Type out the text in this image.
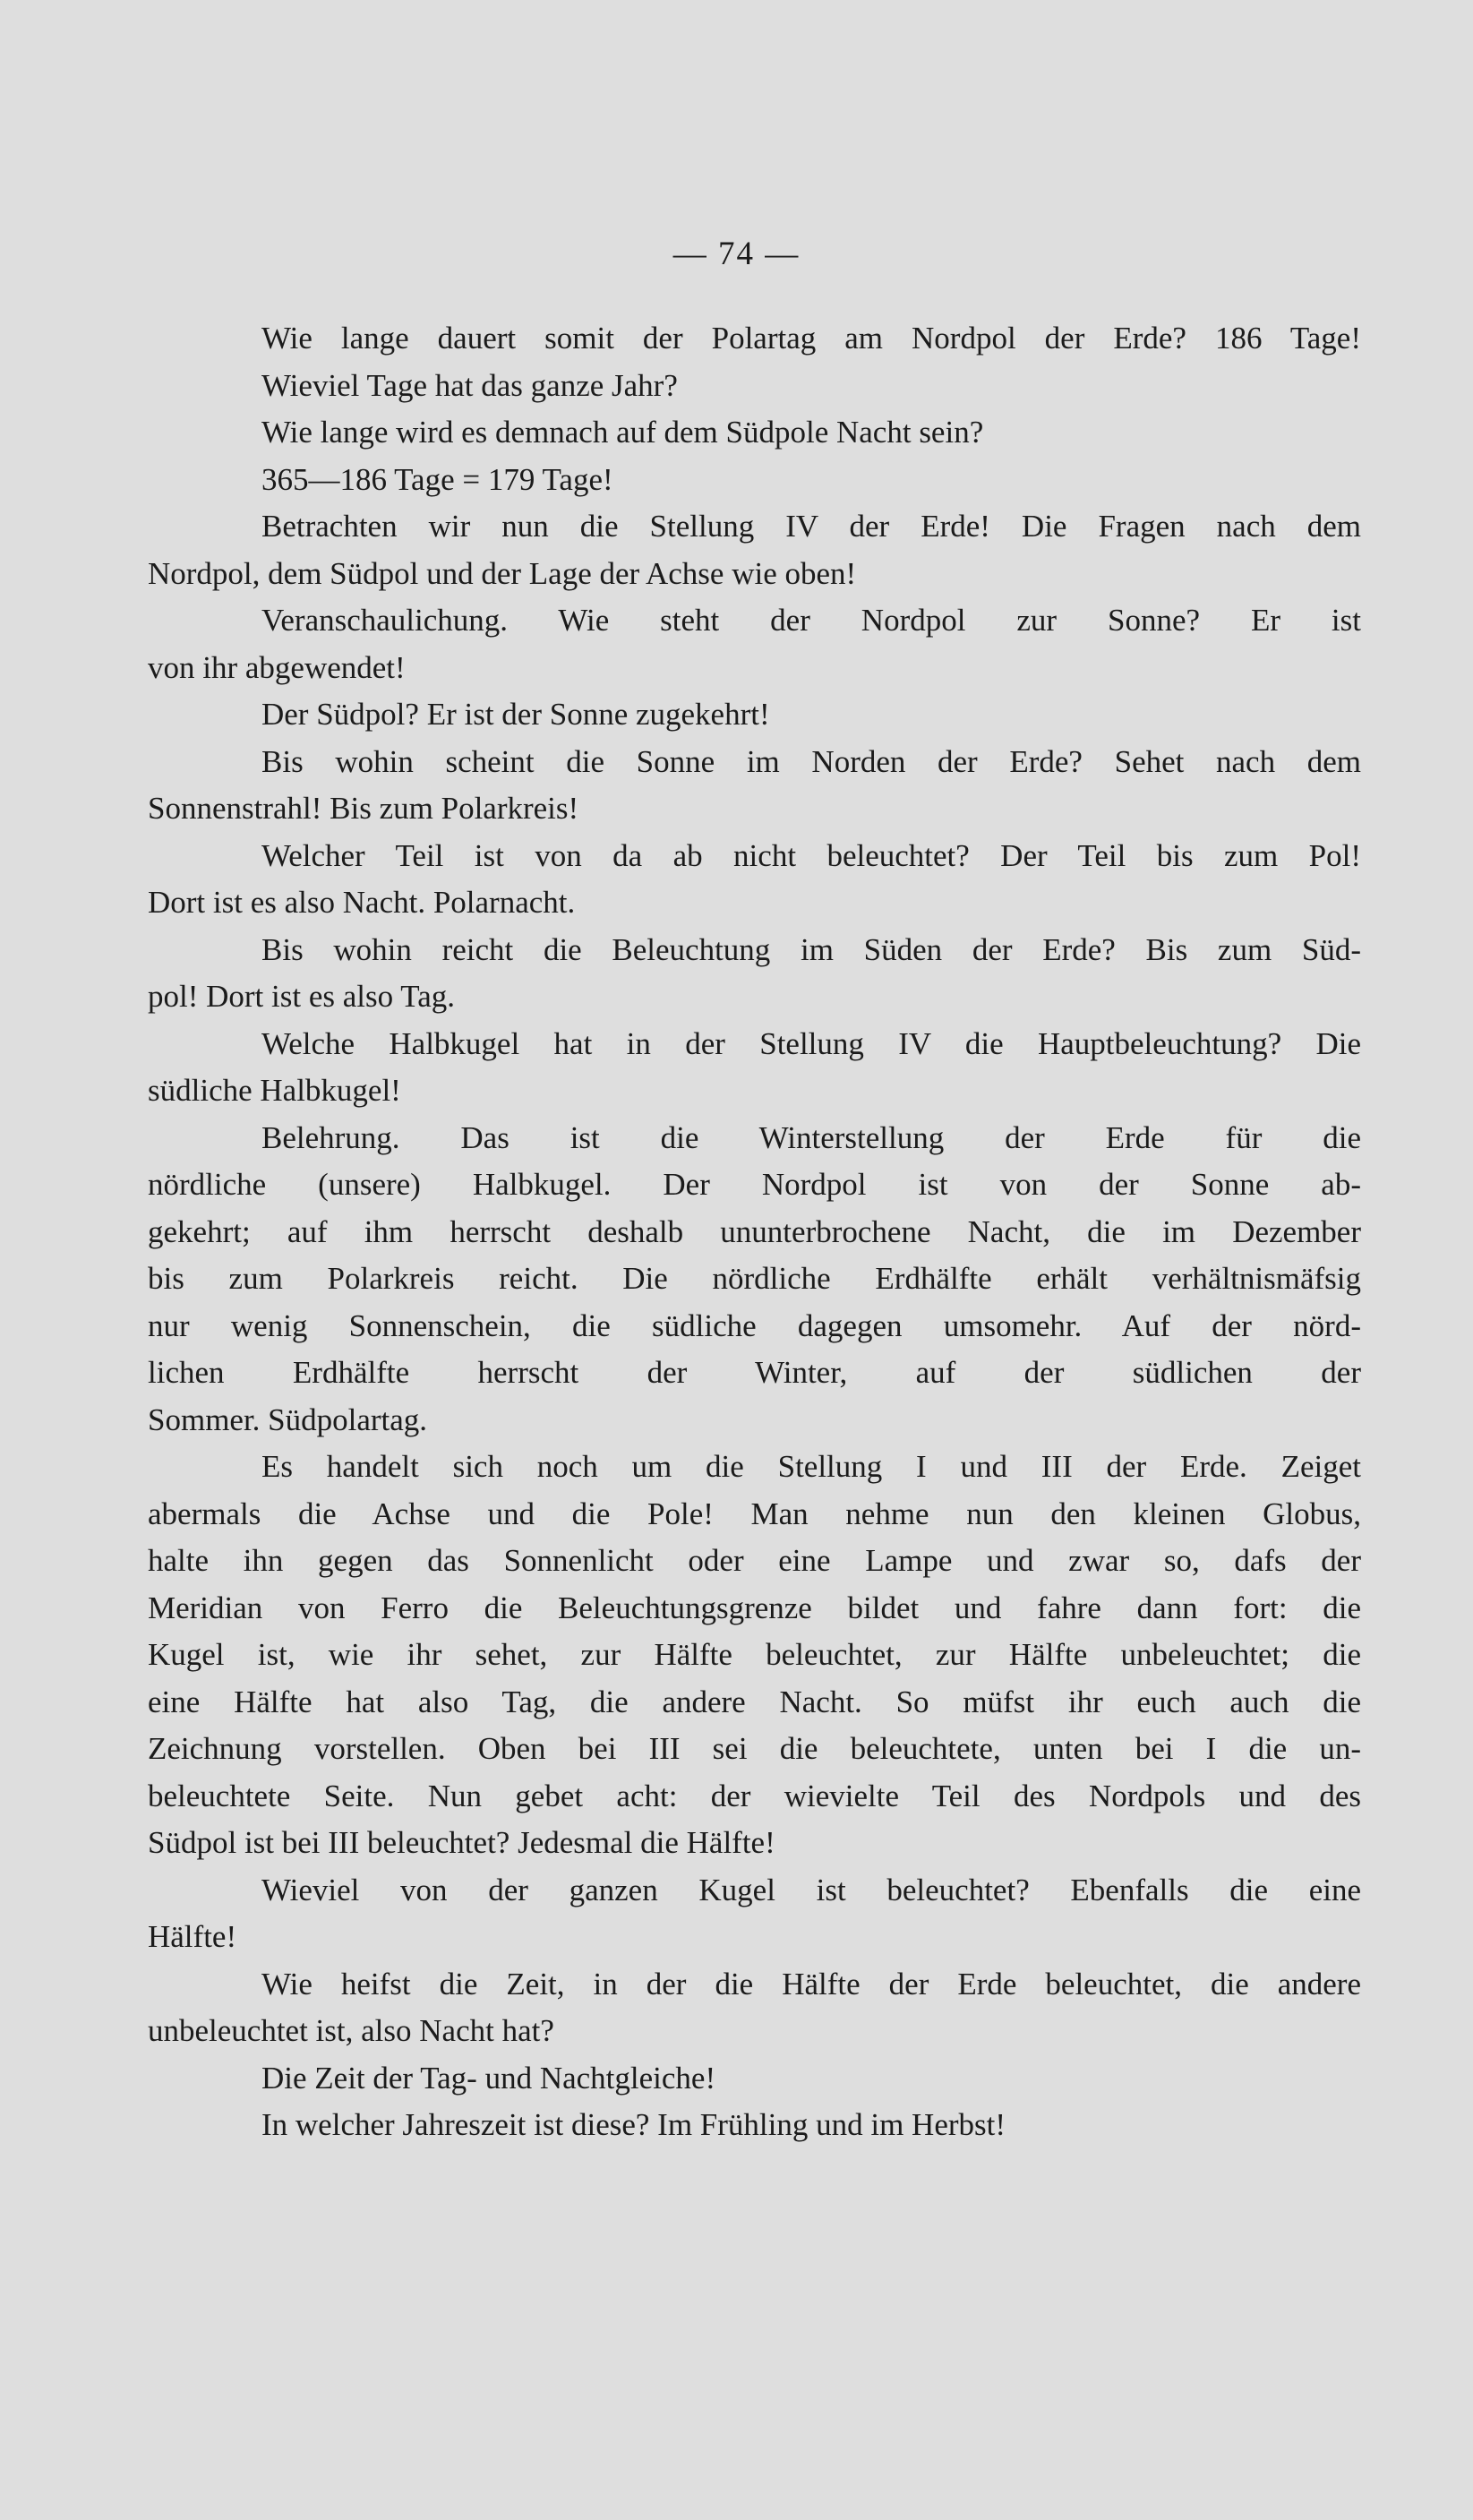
— 74 —
Wie lange dauert somit der Polartag am Nordpol der Erde? 186 Tage!
Wieviel Tage hat das ganze Jahr?
Wie lange wird es demnach auf dem Südpole Nacht sein?
365—186 Tage = 179 Tage!
Betrachten wir nun die Stellung IV der Erde! Die Fragen nach dem
Nordpol, dem Südpol und der Lage der Achse wie oben!
Veranschaulichung. Wie steht der Nordpol zur Sonne? Er ist
von ihr abgewendet!
Der Südpol? Er ist der Sonne zugekehrt!
Bis wohin scheint die Sonne im Norden der Erde? Sehet nach dem
Sonnenstrahl! Bis zum Polarkreis!
Welcher Teil ist von da ab nicht beleuchtet? Der Teil bis zum Pol!
Dort ist es also Nacht. Polarnacht.
Bis wohin reicht die Beleuchtung im Süden der Erde? Bis zum Süd-
pol! Dort ist es also Tag.
Welche Halbkugel hat in der Stellung IV die Hauptbeleuchtung? Die
südliche Halbkugel!
Belehrung. Das ist die Winterstellung der Erde für die
nördliche (unsere) Halbkugel. Der Nordpol ist von der Sonne ab-
gekehrt; auf ihm herrscht deshalb ununterbrochene Nacht, die im Dezember
bis zum Polarkreis reicht. Die nördliche Erdhälfte erhält verhältnismäfsig
nur wenig Sonnenschein, die südliche dagegen umsomehr. Auf der nörd-
lichen Erdhälfte herrscht der Winter, auf der südlichen der
Sommer. Südpolartag.
Es handelt sich noch um die Stellung I und III der Erde. Zeiget
abermals die Achse und die Pole! Man nehme nun den kleinen Globus,
halte ihn gegen das Sonnenlicht oder eine Lampe und zwar so, dafs der
Meridian von Ferro die Beleuchtungsgrenze bildet und fahre dann fort: die
Kugel ist, wie ihr sehet, zur Hälfte beleuchtet, zur Hälfte unbeleuchtet; die
eine Hälfte hat also Tag, die andere Nacht. So müfst ihr euch auch die
Zeichnung vorstellen. Oben bei III sei die beleuchtete, unten bei I die un-
beleuchtete Seite. Nun gebet acht: der wievielte Teil des Nordpols und des
Südpol ist bei III beleuchtet? Jedesmal die Hälfte!
Wieviel von der ganzen Kugel ist beleuchtet? Ebenfalls die eine
Hälfte!
Wie heifst die Zeit, in der die Hälfte der Erde beleuchtet, die andere
unbeleuchtet ist, also Nacht hat?
Die Zeit der Tag- und Nachtgleiche!
In welcher Jahreszeit ist diese? Im Frühling und im Herbst!
